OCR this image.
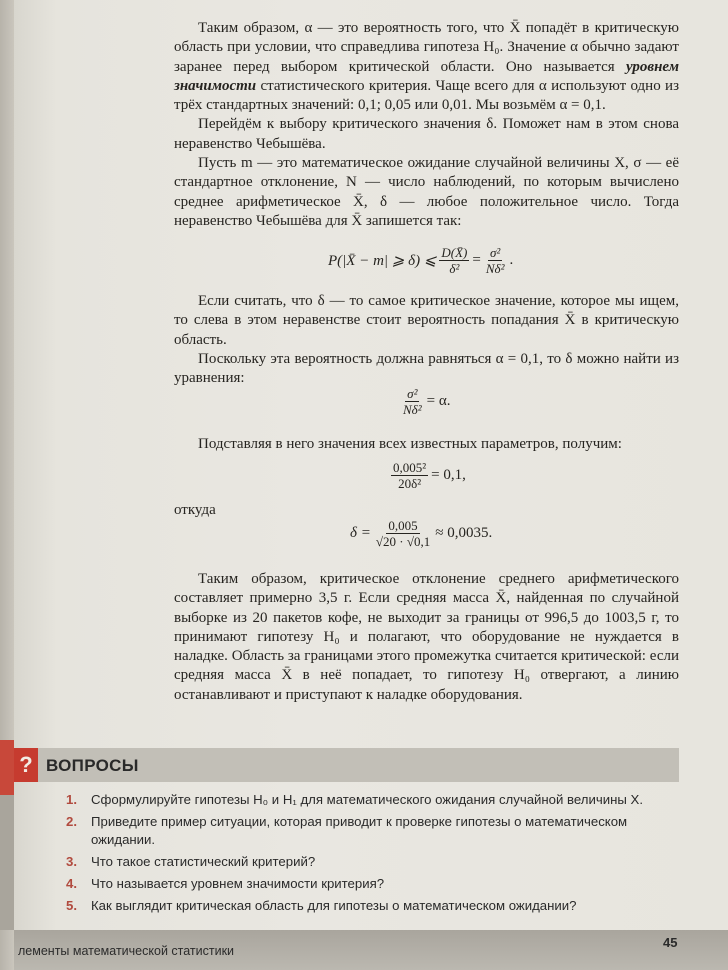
Таким образом, α — это вероятность того, что X̄ попадёт в критическую область при условии, что справедлива гипотеза H₀. Значение α обычно задают заранее перед выбором критической области. Оно называется уровнем значимости статистического критерия. Чаще всего для α используют одно из трёх стандартных значений: 0,1; 0,05 или 0,01. Мы возьмём α = 0,1.

Перейдём к выбору критического значения δ. Поможет нам в этом снова неравенство Чебышёва.

Пусть m — это математическое ожидание случайной величины X, σ — её стандартное отклонение, N — число наблюдений, по которым вычислено среднее арифметическое X̄, δ — любое положительное число. Тогда неравенство Чебышёва для X̄ запишется так:

P(|X̄ − m| ⩾ δ) ⩽ $\frac{D(X̄)}{\text{δ²}} = \frac{\text{σ²}}{\text{Nδ²}}$ .

Если считать, что δ — то самое критическое значение, которое мы ищем, то слева в этом неравенстве стоит вероятность попадания X̄ в критическую область.

Поскольку эта вероятность должна равняться α = 0,1, то δ можно найти из уравнения:

$\frac{\text{σ²}}{\text{Nδ²}} = \alpha$.

Подставляя в него значения всех известных параметров, получим:

$\frac{\text{0,005²}}{\text{20δ²}} = 0,1$,

откуда

$\delta = \frac{0,005}{√20 \cdot √0,1} \approx 0,0035$.

Таким образом, критическое отклонение среднего арифметического составляет примерно 3,5 г. Если средняя масса X̄, найденная по случайной выборке из 20 пакетов кофе, не выходит за границы от 996,5 до 1003,5 г, то принимают гипотезу H₀ и полагают, что оборудование не нуждается в наладке. Область за границами этого промежутка считается критической: если средняя масса X̄ в неё попадает, то гипотезу H₀ отвергают, а линию останавливают и приступают к наладке оборудования.

? ВОПРОСЫ
1. Сформулируйте гипотезы H₀ и H₁ для математического ожидания случайной величины X.
2. Приведите пример ситуации, которая приводит к проверке гипотезы о математическом ожидании.
3. Что такое статистический критерий?
4. Что называется уровнем значимости критерия?
5. Как выглядит критическая область для гипотезы о математическом ожидании?
лементы математической статистики
45
